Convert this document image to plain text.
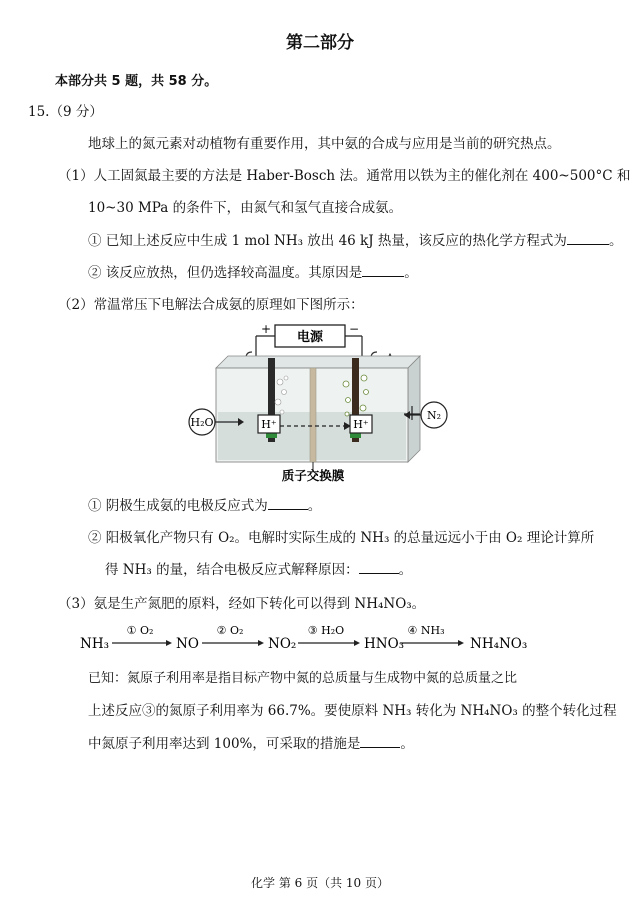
第二部分
本部分共 5 题，共 58 分。
15.（9 分）
地球上的氮元素对动植物有重要作用，其中氨的合成与应用是当前的研究热点。
（1）人工固氮最主要的方法是 Haber-Bosch 法。通常用以铁为主的催化剂在 400~500°C 和
10~30 MPa 的条件下，由氮气和氢气直接合成氨。
① 已知上述反应中生成 1 mol NH₃ 放出 46 kJ 热量，该反应的热化学方程式为	。
② 该反应放热，但仍选择较高温度。其原因是	。
（2）常温常压下电解法合成氨的原理如下图所示：
电源
+	−
H₂O	H⁺	H⁺
N₂
质子交换膜
① 阴极生成氨的电极反应式为	。
② 阳极氧化产物只有 O₂。电解时实际生成的 NH₃ 的总量远远小于由 O₂ 理论计算所
得 NH₃ 的量，结合电极反应式解释原因：	。
（3）氨是生产氮肥的原料，经如下转化可以得到 NH₄NO₃。
NH₃
① O₂
NO
② O₂
NO₂
③ H₂O
HNO₃
④ NH₃
NH₄NO₃
已知：氮原子利用率是指目标产物中氮的总质量与生成物中氮的总质量之比
上述反应③的氮原子利用率为 66.7%。要使原料 NH₃ 转化为 NH₄NO₃ 的整个转化过程
中氮原子利用率达到 100%，可采取的措施是	。
化学 第 6 页（共 10 页）
